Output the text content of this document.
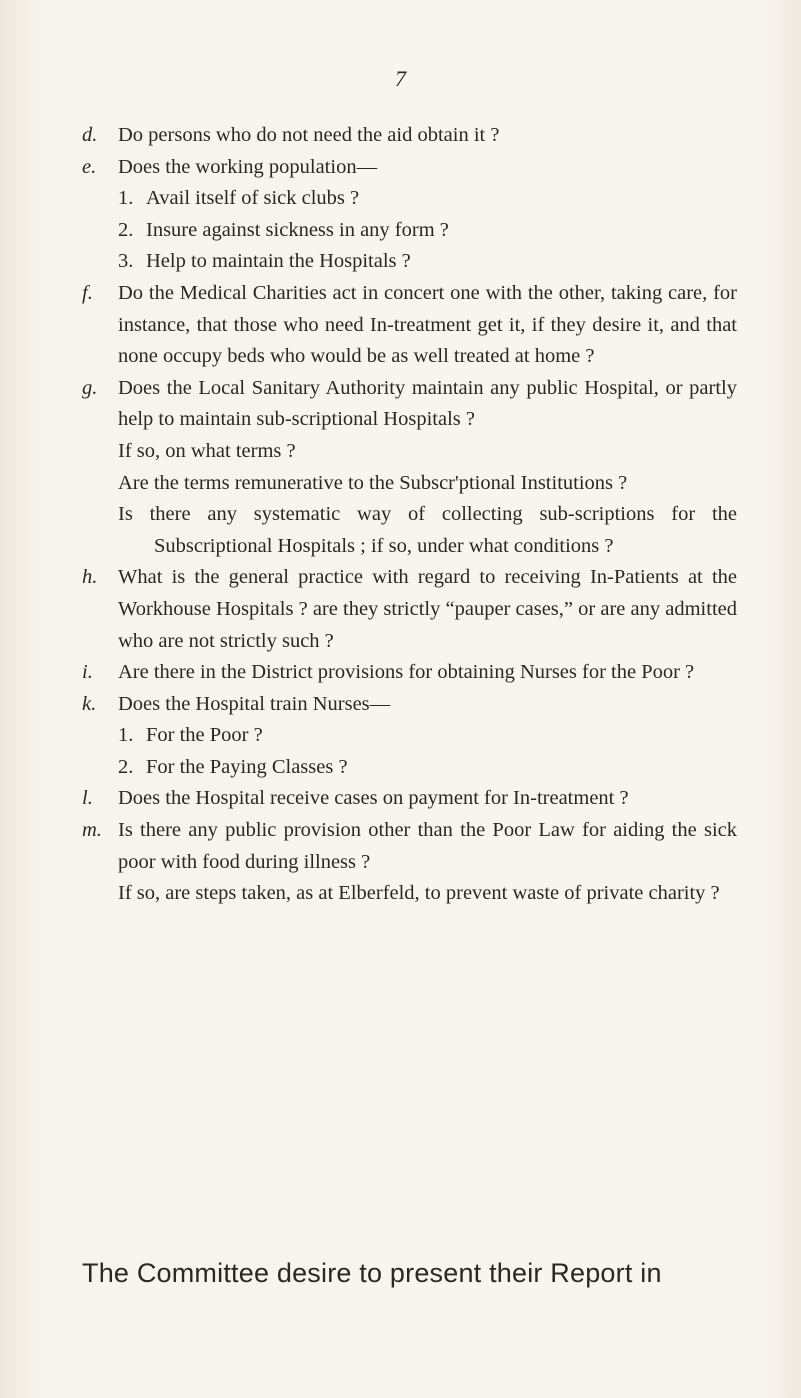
7
d.	Do persons who do not need the aid obtain it ?
e.	Does the working population—
1. Avail itself of sick clubs ?
2. Insure against sickness in any form ?
3. Help to maintain the Hospitals ?
f.	Do the Medical Charities act in concert one with the other, taking care, for instance, that those who need In-treatment get it, if they desire it, and that none occupy beds who would be as well treated at home ?
g.	Does the Local Sanitary Authority maintain any public Hospital, or partly help to maintain sub-scriptional Hospitals ?
If so, on what terms ?
Are the terms remunerative to the Subscr'ptional Institutions ?
Is there any systematic way of collecting sub-scriptions for the Subscriptional Hospitals ; if so, under what conditions ?
h.	What is the general practice with regard to receiving In-Patients at the Workhouse Hospitals ? are they strictly “pauper cases,” or are any admitted who are not strictly such ?
i.	Are there in the District provisions for obtaining Nurses for the Poor ?
k.	Does the Hospital train Nurses—
1. For the Poor ?
2. For the Paying Classes ?
l.	Does the Hospital receive cases on payment for In-treatment ?
m. Is there any public provision other than the Poor Law for aiding the sick poor with food during illness ?
If so, are steps taken, as at Elberfeld, to prevent waste of private charity ?
The Committee desire to present their Report in
